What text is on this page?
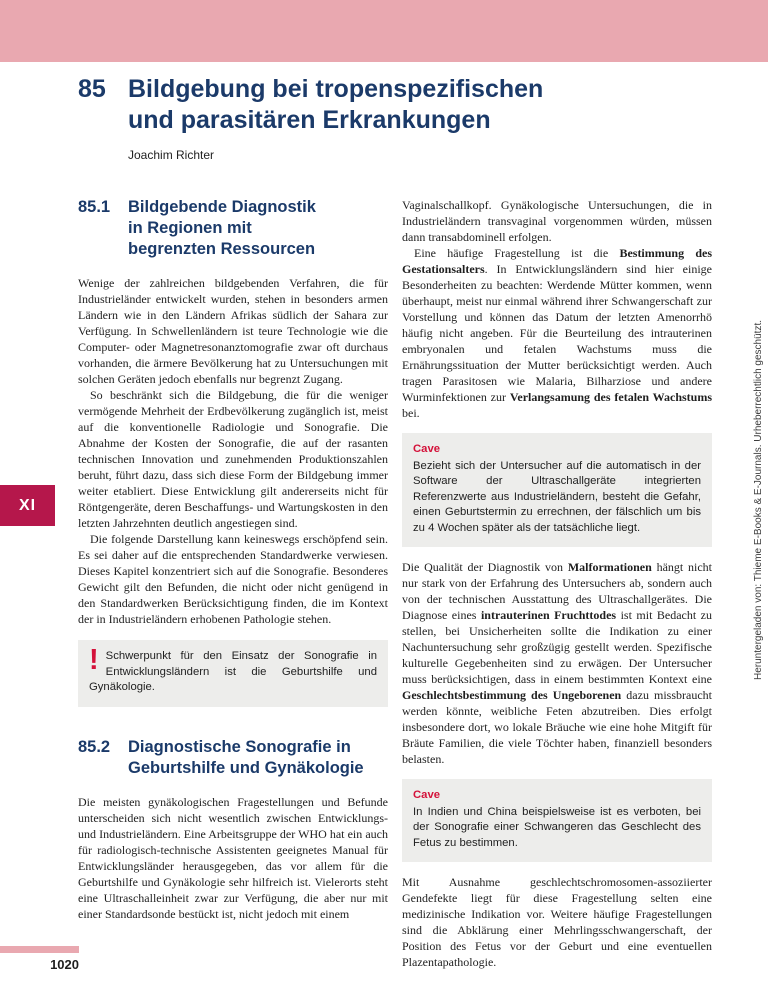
85 Bildgebung bei tropenspezifischen
und parasitären Erkrankungen
Joachim Richter
85.1	Bildgebende Diagnostik
in Regionen mit
begrenzten Ressourcen

Wenige der zahlreichen bildgebenden Verfahren, die für Industrieländer entwickelt wurden, stehen in besonders armen Ländern wie in den Ländern Afrikas südlich der Sahara zur Verfügung. In Schwellenländern ist teure Technologie wie die Computer- oder Magnetresonanztomografie zwar oft durchaus vorhanden, die ärmere Bevölkerung hat zu Untersuchungen mit solchen Geräten jedoch ebenfalls nur begrenzt Zugang.

So beschränkt sich die Bildgebung, die für die weniger vermögende Mehrheit der Erdbevölkerung zugänglich ist, meist auf die konventionelle Radiologie und Sonografie. Die Abnahme der Kosten der Sonografie, die auf der rasanten technischen Innovation und zunehmenden Produktionszahlen beruht, führt dazu, dass sich diese Form der Bildgebung immer weiter etabliert. Diese Entwicklung gilt andererseits nicht für Röntgengeräte, deren Beschaffungs- und Wartungskosten in den letzten Jahrzehnten deutlich angestiegen sind.

Die folgende Darstellung kann keineswegs erschöpfend sein. Es sei daher auf die entsprechenden Standardwerke verwiesen. Dieses Kapitel konzentriert sich auf die Sonografie. Besonderes Gewicht gilt den Befunden, die nicht oder nicht genügend in den Standardwerken Berücksichtigung finden, die im Kontext der in Industrieländern erhobenen Pathologie stehen.

! Schwerpunkt für den Einsatz der Sonografie in Entwicklungsländern ist die Geburtshilfe und Gynäkologie.
85.2	Diagnostische Sonografie in
Geburtshilfe und Gynäkologie

Die meisten gynäkologischen Fragestellungen und Befunde unterscheiden sich nicht wesentlich zwischen Entwicklungs- und Industrieländern. Eine Arbeitsgruppe der WHO hat ein auch für radiologisch-technische Assistenten geeignetes Manual für Entwicklungsländer herausgegeben, das vor allem für die Geburtshilfe und Gynäkologie sehr hilfreich ist. Vielerorts steht eine Ultraschalleinheit zwar zur Verfügung, die aber nur mit einer Standardsonde bestückt ist, nicht jedoch mit einem

Vaginalschallkopf. Gynäkologische Untersuchungen, die in Industrieländern transvaginal vorgenommen würden, müssen dann transabdominell erfolgen.

Eine häufige Fragestellung ist die Bestimmung des Gestationsalters. In Entwicklungsländern sind hier einige Besonderheiten zu beachten: Werdende Mütter kommen, wenn überhaupt, meist nur einmal während ihrer Schwangerschaft zur Vorstellung und können das Datum der letzten Amenorrhö häufig nicht angeben. Für die Beurteilung des intrauterinen embryonalen und fetalen Wachstums muss die Ernährungssituation der Mutter berücksichtigt werden. Auch tragen Parasitosen wie Malaria, Bilharziose und andere Wurminfektionen zur Verlangsamung des fetalen Wachstums bei.

Cave
Bezieht sich der Untersucher auf die automatisch in der Software der Ultraschallgeräte integrierten Referenzwerte aus Industrieländern, besteht die Gefahr, einen Geburtstermin zu errechnen, der fälschlich um bis zu 4 Wochen später als der tatsächliche liegt.

Die Qualität der Diagnostik von Malformationen hängt nicht nur stark von der Erfahrung des Untersuchers ab, sondern auch von der technischen Ausstattung des Ultraschallgerätes. Die Diagnose eines intrauterinen Fruchttodes ist mit Bedacht zu stellen, bei Unsicherheiten sollte die Indikation zu einer Nachuntersuchung sehr großzügig gestellt werden. Spezifische kulturelle Gegebenheiten sind zu erwägen. Der Untersucher muss berücksichtigen, dass in einem bestimmten Kontext eine Geschlechtsbestimmung des Ungeborenen dazu missbraucht werden könnte, weibliche Feten abzutreiben. Dies erfolgt insbesondere dort, wo lokale Bräuche wie eine hohe Mitgift für Bräute Familien, die viele Töchter haben, finanziell besonders belasten.

Cave
In Indien und China beispielsweise ist es verboten, bei der Sonografie einer Schwangeren das Geschlecht des Fetus zu bestimmen.

Mit Ausnahme geschlechtschromosomen-assoziierter Gendefekte liegt für diese Fragestellung selten eine medizinische Indikation vor. Weitere häufige Fragestellungen sind die Abklärung einer Mehrlingsschwangerschaft, der Position des Fetus vor der Geburt und eine eventuellen Plazentapathologie.

XI	Heruntergeladen von: Thieme E-Books & E-Journals. Urheberrechtlich geschützt.
1020
